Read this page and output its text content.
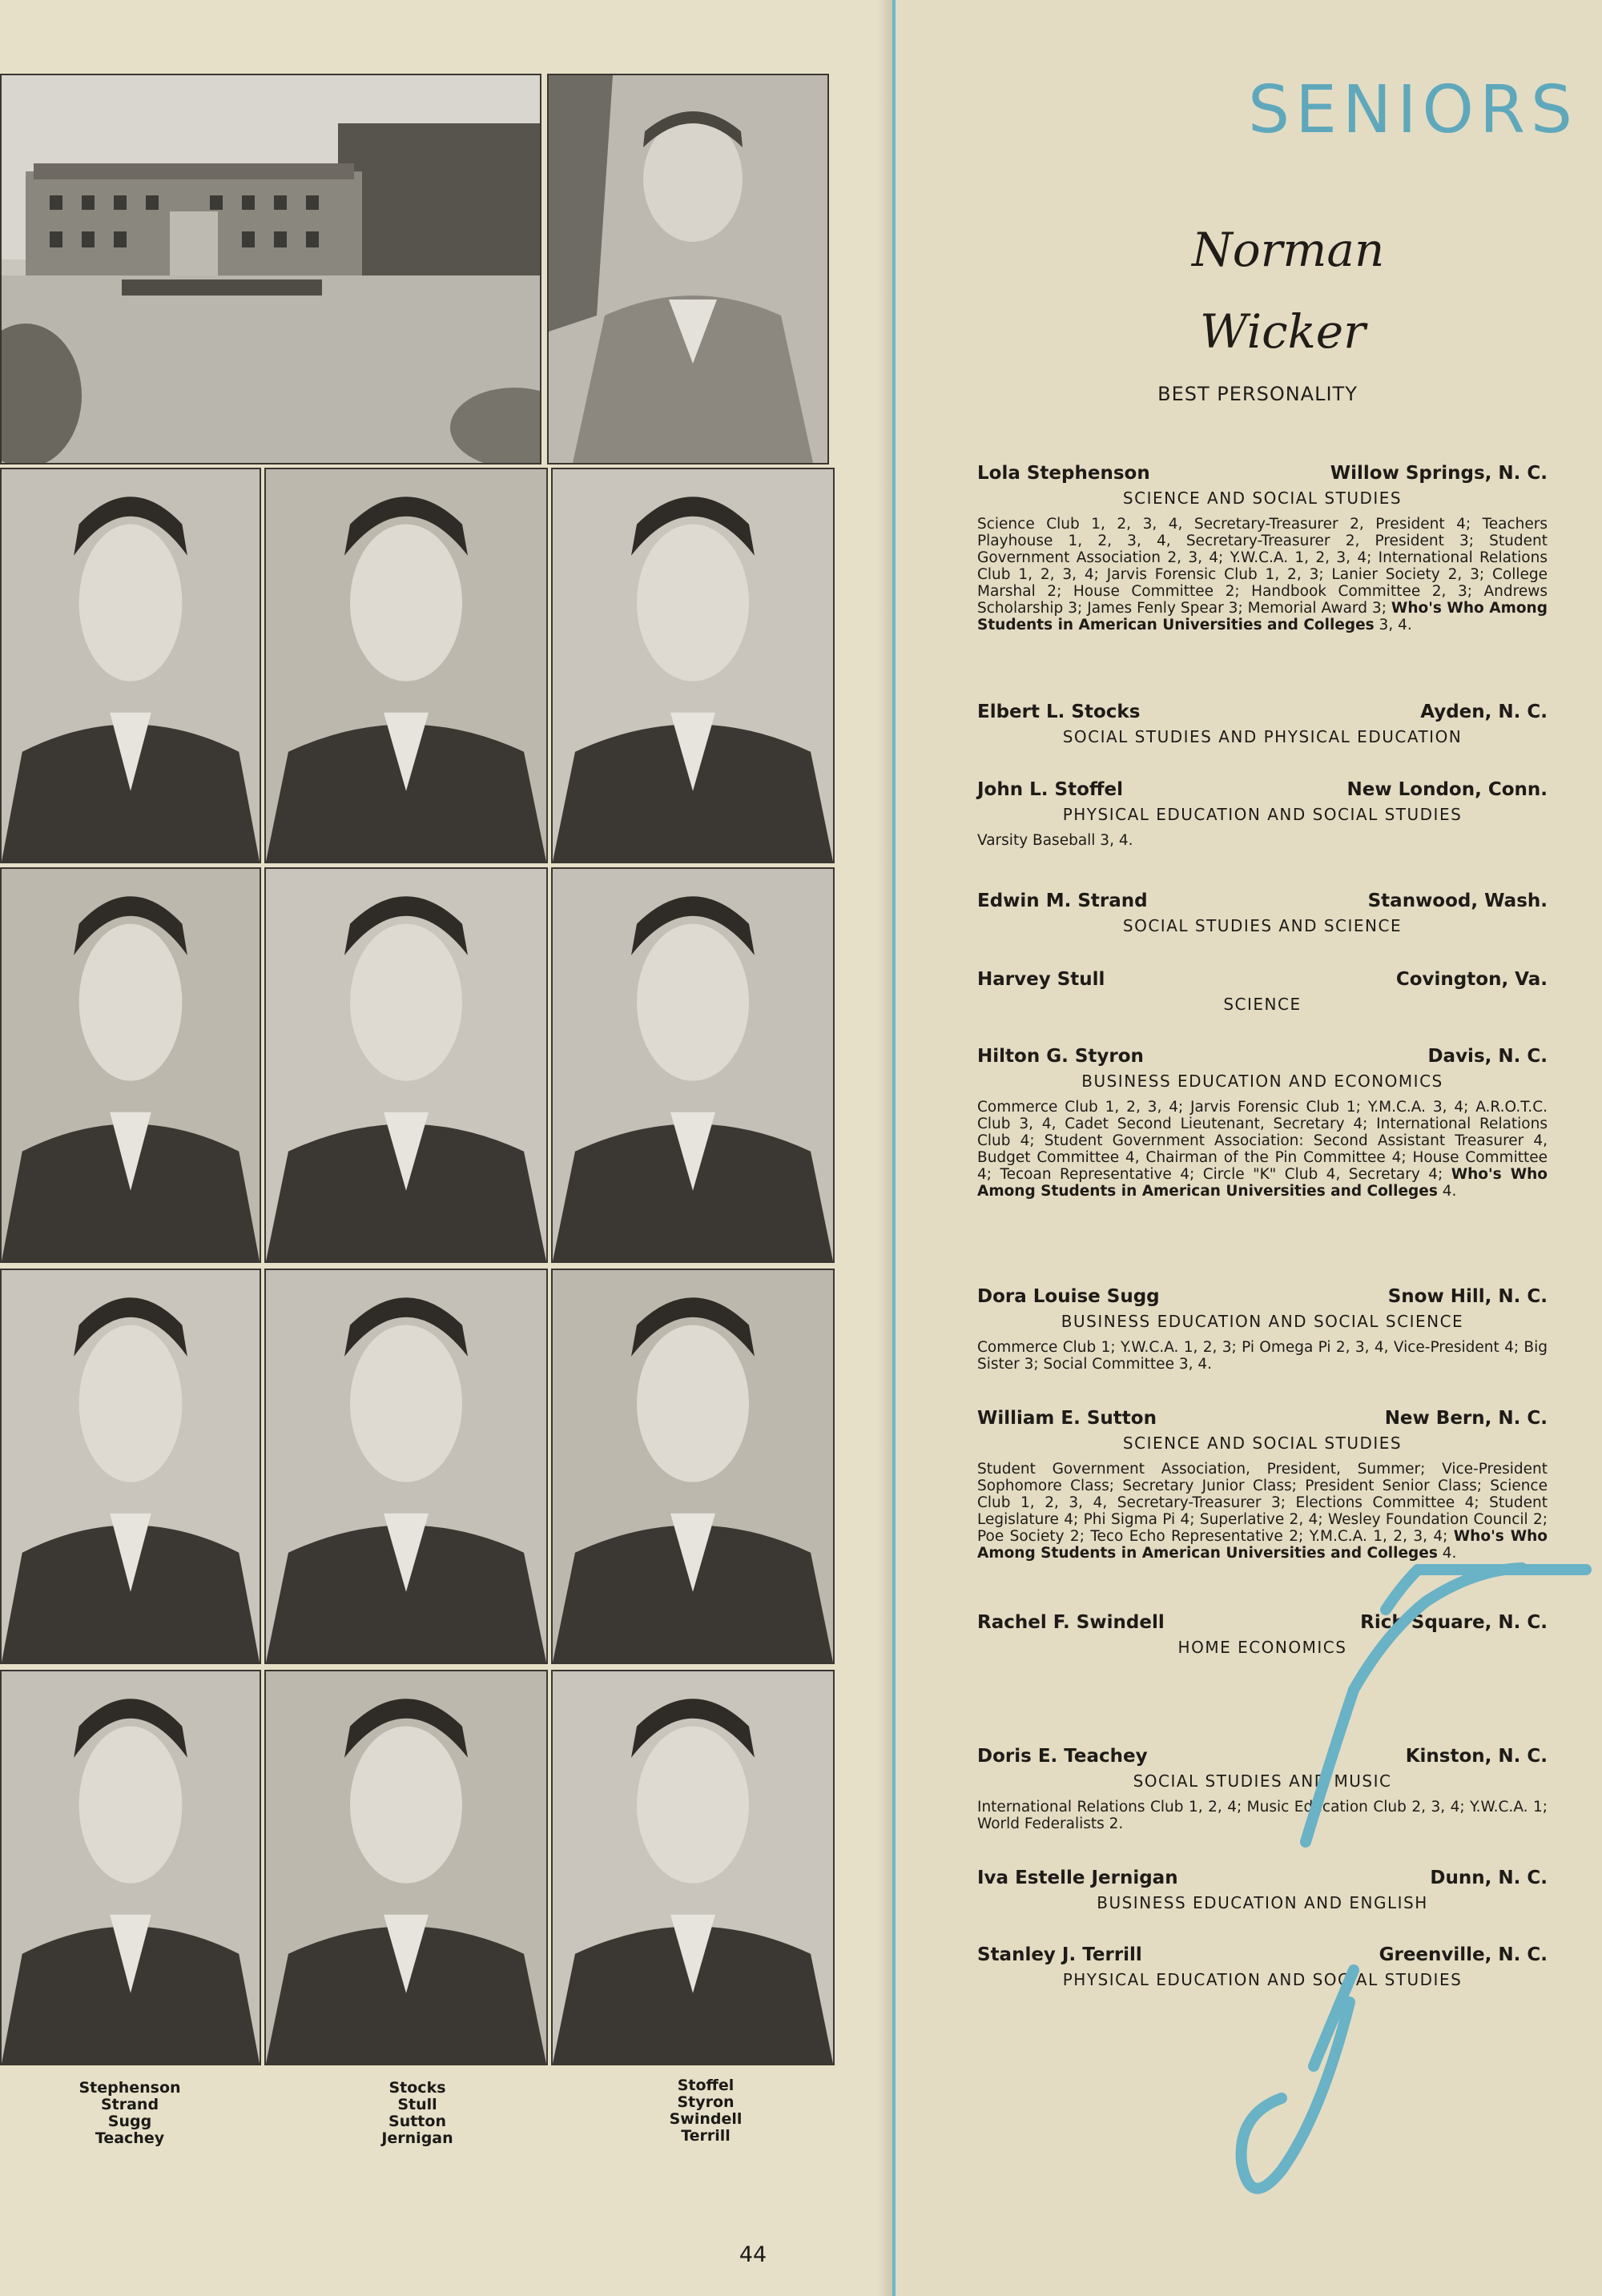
Stephenson
Strand
Sugg
Teachey
Stocks
Stull
Sutton
Jernigan
Stoffel
Styron
Swindell
Terrill
44
SENIORS
Norman
Wicker
BEST PERSONALITY
Lola Stephenson	Willow Springs, N. C.
SCIENCE AND SOCIAL STUDIES
Science Club 1, 2, 3, 4, Secretary-Treasurer 2, President 4; Teachers Playhouse 1, 2, 3, 4, Secretary-Treasurer 2, President 3; Student Government Association 2, 3, 4; Y.W.C.A. 1, 2, 3, 4; International Relations Club 1, 2, 3, 4; Jarvis Forensic Club 1, 2, 3; Lanier Society 2, 3; College Marshal 2; House Committee 2; Handbook Committee 2, 3; Andrews Scholarship 3; James Fenly Spear 3; Memorial Award 3; Who's Who Among Students in American Universities and Colleges 3, 4.
Elbert L. Stocks	Ayden, N. C.
SOCIAL STUDIES AND PHYSICAL EDUCATION
John L. Stoffel	New London, Conn.
PHYSICAL EDUCATION AND SOCIAL STUDIES
Varsity Baseball 3, 4.
Edwin M. Strand	Stanwood, Wash.
SOCIAL STUDIES AND SCIENCE
Harvey Stull	Covington, Va.
SCIENCE
Hilton G. Styron	Davis, N. C.
BUSINESS EDUCATION AND ECONOMICS
Commerce Club 1, 2, 3, 4; Jarvis Forensic Club 1; Y.M.C.A. 3, 4; A.R.O.T.C. Club 3, 4, Cadet Second Lieutenant, Secretary 4; International Relations Club 4; Student Government Association: Second Assistant Treasurer 4, Budget Committee 4, Chairman of the Pin Committee 4; House Committee 4; Tecoan Representative 4; Circle "K" Club 4, Secretary 4; Who's Who Among Students in American Universities and Colleges 4.
Dora Louise Sugg	Snow Hill, N. C.
BUSINESS EDUCATION AND SOCIAL SCIENCE
Commerce Club 1; Y.W.C.A. 1, 2, 3; Pi Omega Pi 2, 3, 4, Vice-President 4; Big Sister 3; Social Committee 3, 4.
William E. Sutton	New Bern, N. C.
SCIENCE AND SOCIAL STUDIES
Student Government Association, President, Summer; Vice-President Sophomore Class; Secretary Junior Class; President Senior Class; Science Club 1, 2, 3, 4, Secretary-Treasurer 3; Elections Committee 4; Student Legislature 4; Phi Sigma Pi 4; Superlative 2, 4; Wesley Foundation Council 2; Poe Society 2; Teco Echo Representative 2; Y.M.C.A. 1, 2, 3, 4; Who's Who Among Students in American Universities and Colleges 4.
Rachel F. Swindell	Rich Square, N. C.
HOME ECONOMICS
Doris E. Teachey	Kinston, N. C.
SOCIAL STUDIES AND MUSIC
International Relations Club 1, 2, 4; Music Education Club 2, 3, 4; Y.W.C.A. 1; World Federalists 2.
Iva Estelle Jernigan	Dunn, N. C.
BUSINESS EDUCATION AND ENGLISH
Stanley J. Terrill	Greenville, N. C.
PHYSICAL EDUCATION AND SOCIAL STUDIES
